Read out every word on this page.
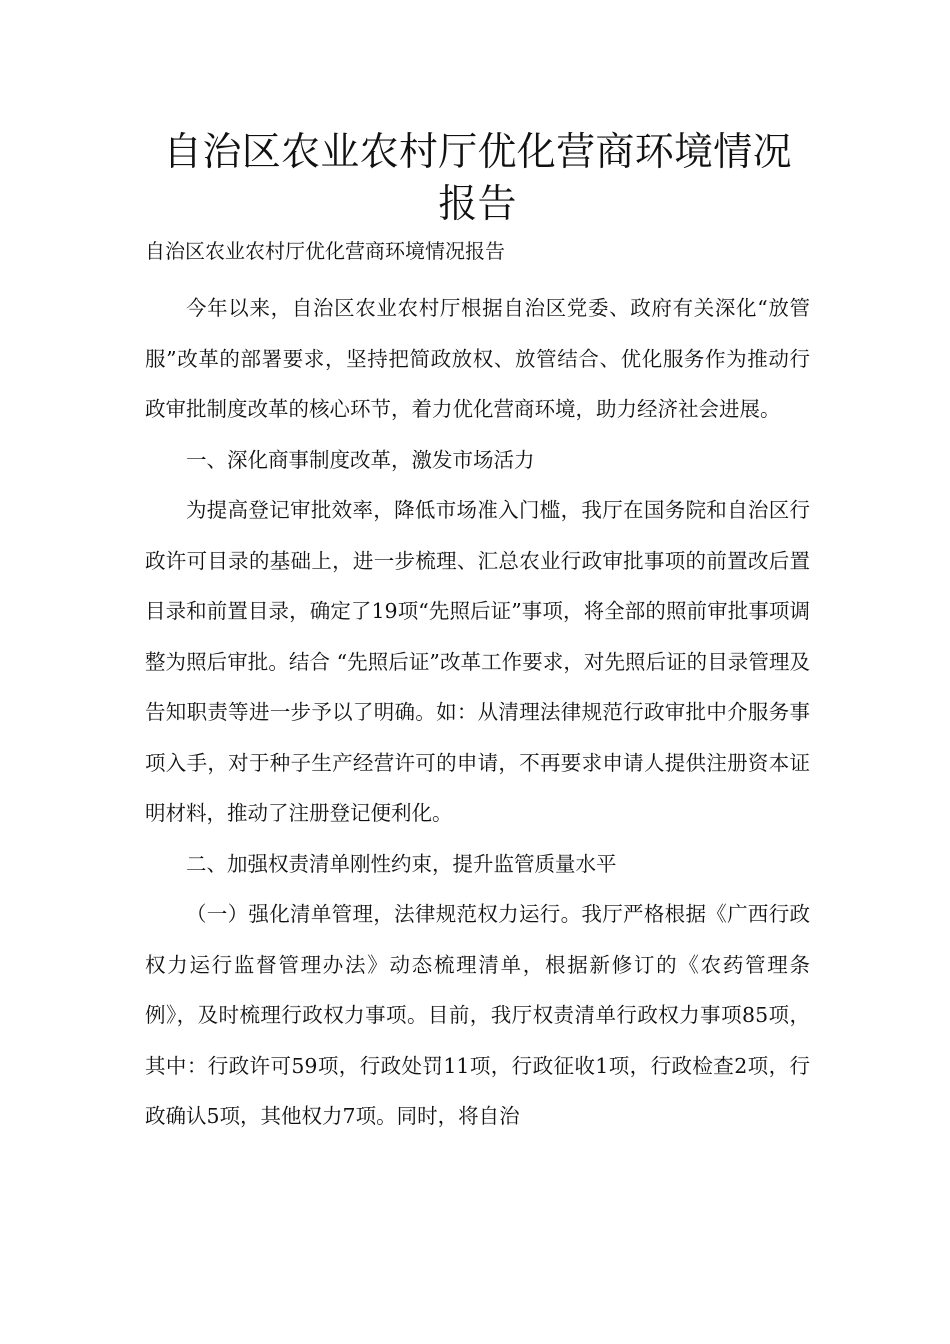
自治区农业农村厅优化营商环境情况报告
自治区农业农村厅优化营商环境情况报告

今年以来，自治区农业农村厅根据自治区党委、政府有关深化“放管服”改革的部署要求，坚持把简政放权、放管结合、优化服务作为推动行政审批制度改革的核心环节，着力优化营商环境，助力经济社会进展。

一、深化商事制度改革，激发市场活力

为提高登记审批效率，降低市场准入门槛，我厅在国务院和自治区行政许可目录的基础上，进一步梳理、汇总农业行政审批事项的前置改后置目录和前置目录，确定了19项“先照后证”事项，将全部的照前审批事项调整为照后审批。结合 “先照后证”改革工作要求，对先照后证的目录管理及告知职责等进一步予以了明确。如：从清理法律规范行政审批中介服务事项入手，对于种子生产经营许可的申请，不再要求申请人提供注册资本证明材料，推动了注册登记便利化。

二、加强权责清单刚性约束，提升监管质量水平

（一）强化清单管理，法律规范权力运行。我厅严格根据《广西行政权力运行监督管理办法》动态梳理清单，根据新修订的《农药管理条例》，及时梳理行政权力事项。目前，我厅权责清单行政权力事项85项，其中：行政许可59项，行政处罚11项，行政征收1项，行政检查2项，行政确认5项，其他权力7项。同时，将自治
